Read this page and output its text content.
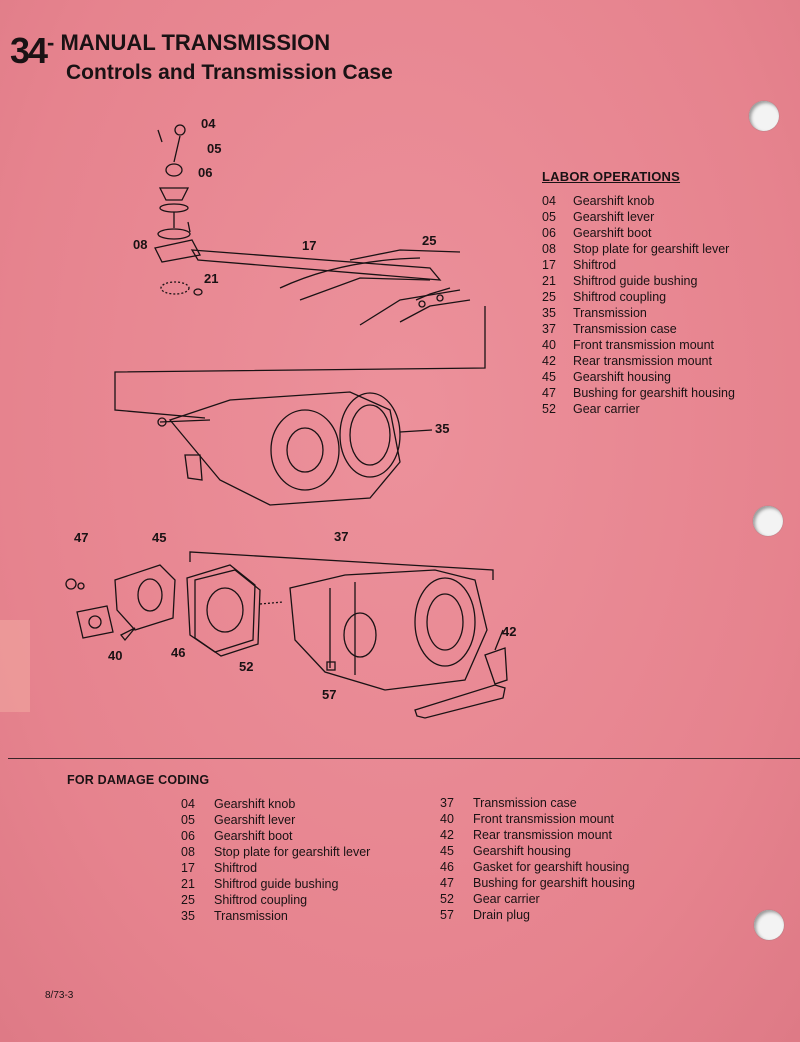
34 - MANUAL TRANSMISSION
Controls and Transmission Case
04
05
06
08	17
21
25
35
47	45	37
42
40	46
52
57
LABOR OPERATIONS
04	Gearshift knob
05	Gearshift lever
06	Gearshift boot
08	Stop plate for gearshift lever
17	Shiftrod
21	Shiftrod guide bushing
25	Shiftrod coupling
35	Transmission
37	Transmission case
40	Front transmission mount
42	Rear transmission mount
45	Gearshift housing
47	Bushing for gearshift housing
52	Gear carrier
FOR DAMAGE CODING
04	Gearshift knob
05	Gearshift lever
06	Gearshift boot
08	Stop plate for gearshift lever
17	Shiftrod
21	Shiftrod guide bushing
25	Shiftrod coupling
35	Transmission
37	Transmission case
40	Front transmission mount
42	Rear transmission mount
45	Gearshift housing
46	Gasket for gearshift housing
47	Bushing for gearshift housing
52	Gear carrier
57	Drain plug
8/73-3
